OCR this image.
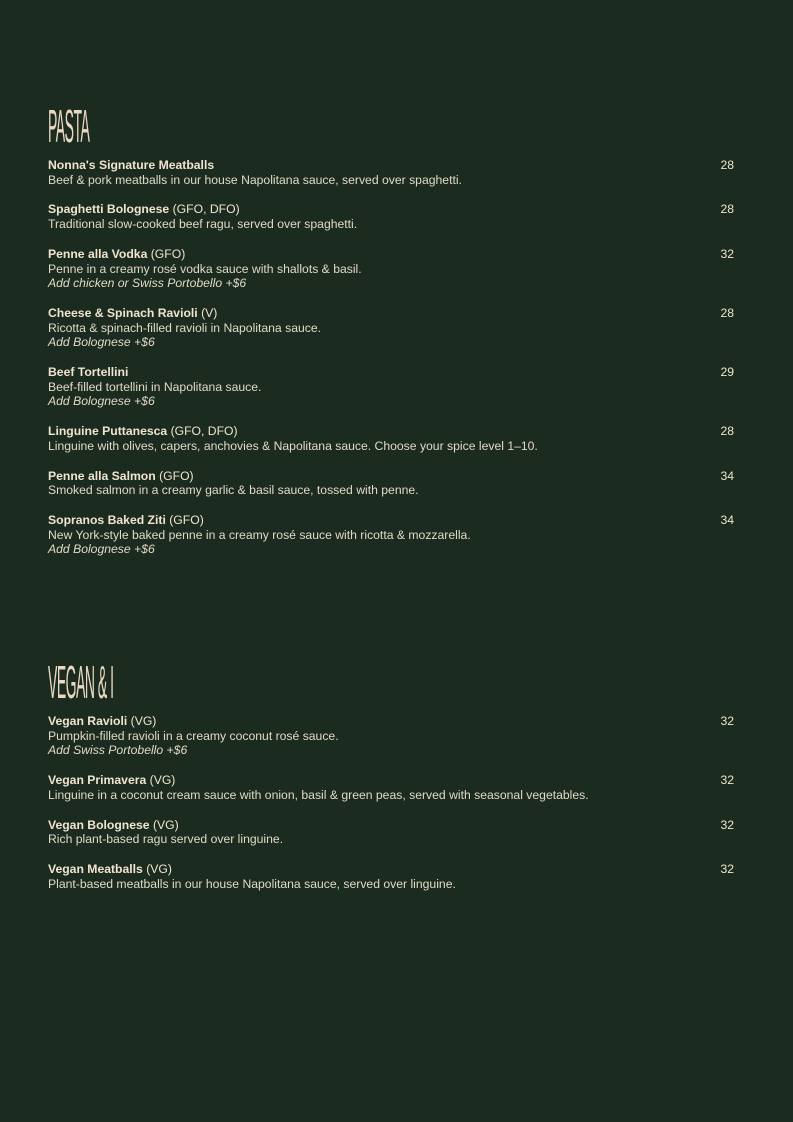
PASTA
Nonna's Signature Meatballs
Beef & pork meatballs in our house Napolitana sauce, served over spaghetti.
28
Spaghetti Bolognese (GFO, DFO)
Traditional slow-cooked beef ragu, served over spaghetti.
28
Penne alla Vodka (GFO)
Penne in a creamy rosé vodka sauce with shallots & basil.
Add chicken or Swiss Portobello +$6
32
Cheese & Spinach Ravioli (V)
Ricotta & spinach-filled ravioli in Napolitana sauce.
Add Bolognese +$6
28
Beef Tortellini
Beef-filled tortellini in Napolitana sauce.
Add Bolognese +$6
29
Linguine Puttanesca (GFO, DFO)
Linguine with olives, capers, anchovies & Napolitana sauce. Choose your spice level 1–10.
28
Penne alla Salmon (GFO)
Smoked salmon in a creamy garlic & basil sauce, tossed with penne.
34
Sopranos Baked Ziti (GFO)
New York-style baked penne in a creamy rosé sauce with ricotta & mozzarella.
Add Bolognese +$6
34
VEGAN & I
Vegan Ravioli (VG)
Pumpkin-filled ravioli in a creamy coconut rosé sauce.
Add Swiss Portobello +$6
32
Vegan Primavera (VG)
Linguine in a coconut cream sauce with onion, basil & green peas, served with seasonal vegetables.
32
Vegan Bolognese (VG)
Rich plant-based ragu served over linguine.
32
Vegan Meatballs (VG)
Plant-based meatballs in our house Napolitana sauce, served over linguine.
32
